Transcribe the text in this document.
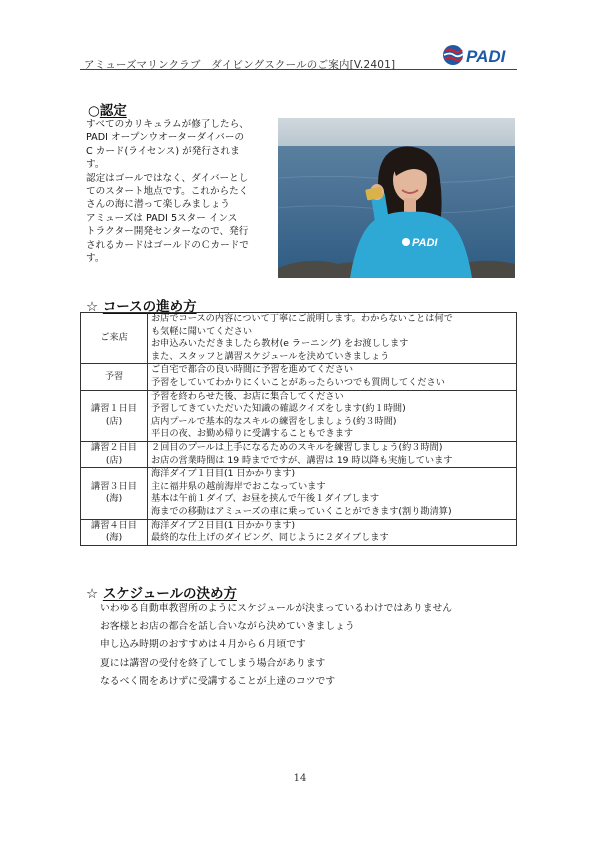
アミューズマリンクラブ　ダイビングスクールのご案内[V.2401]	PADI
○認定
すべてのカリキュラムが修了したら、
PADI オープンウオーターダイバーの
C カード(ライセンス) が発行されま
す。
認定はゴールではなく、ダイバーとし
てのスタート地点です。これからたく
さんの海に潜って楽しみましょう
アミューズは PADI 5スター インス
トラクター開発センターなので、発行
されるカードはゴールドのＣカードで
す。
PADI
☆ コースの進め方
ご来店	お店でコースの内容について丁寧にご説明します。わからないことは何で
も気軽に聞いてください
お申込みいただきましたら教材(e ラーニング) をお渡しします
また、スタッフと講習スケジュールを決めていきましょう

予習	ご自宅で都合の良い時間に予習を進めてください
予習をしていてわかりにくいことがあったらいつでも質問してください

講習１日目
(店)	予習を終わらせた後、お店に集合してください
予習してきていただいた知識の確認クイズをします(約１時間)
店内プールで基本的なスキルの練習をしましょう(約３時間)
平日の夜、お勤め帰りに受講することもできます

講習２日目
(店)	２回目のプールは上手になるためのスキルを練習しましょう(約３時間)
お店の営業時間は 19 時までですが、講習は 19 時以降も実施しています

講習３日目
(海)	海洋ダイブ１日目(1 日かかります)
主に福井県の越前海岸でおこなっています
基本は午前１ダイブ、お昼を挟んで午後１ダイブします
海までの移動はアミューズの車に乗っていくことができます(割り勘清算)

講習４日目
(海)	海洋ダイブ２日目(1 日かかります)
最終的な仕上げのダイビング、同じように２ダイブします
☆ スケジュールの決め方
いわゆる自動車教習所のようにスケジュールが決まっているわけではありません
お客様とお店の都合を話し合いながら決めていきましょう
申し込み時期のおすすめは４月から６月頃です
夏には講習の受付を終了してしまう場合があります
なるべく間をあけずに受講することが上達のコツです
14
